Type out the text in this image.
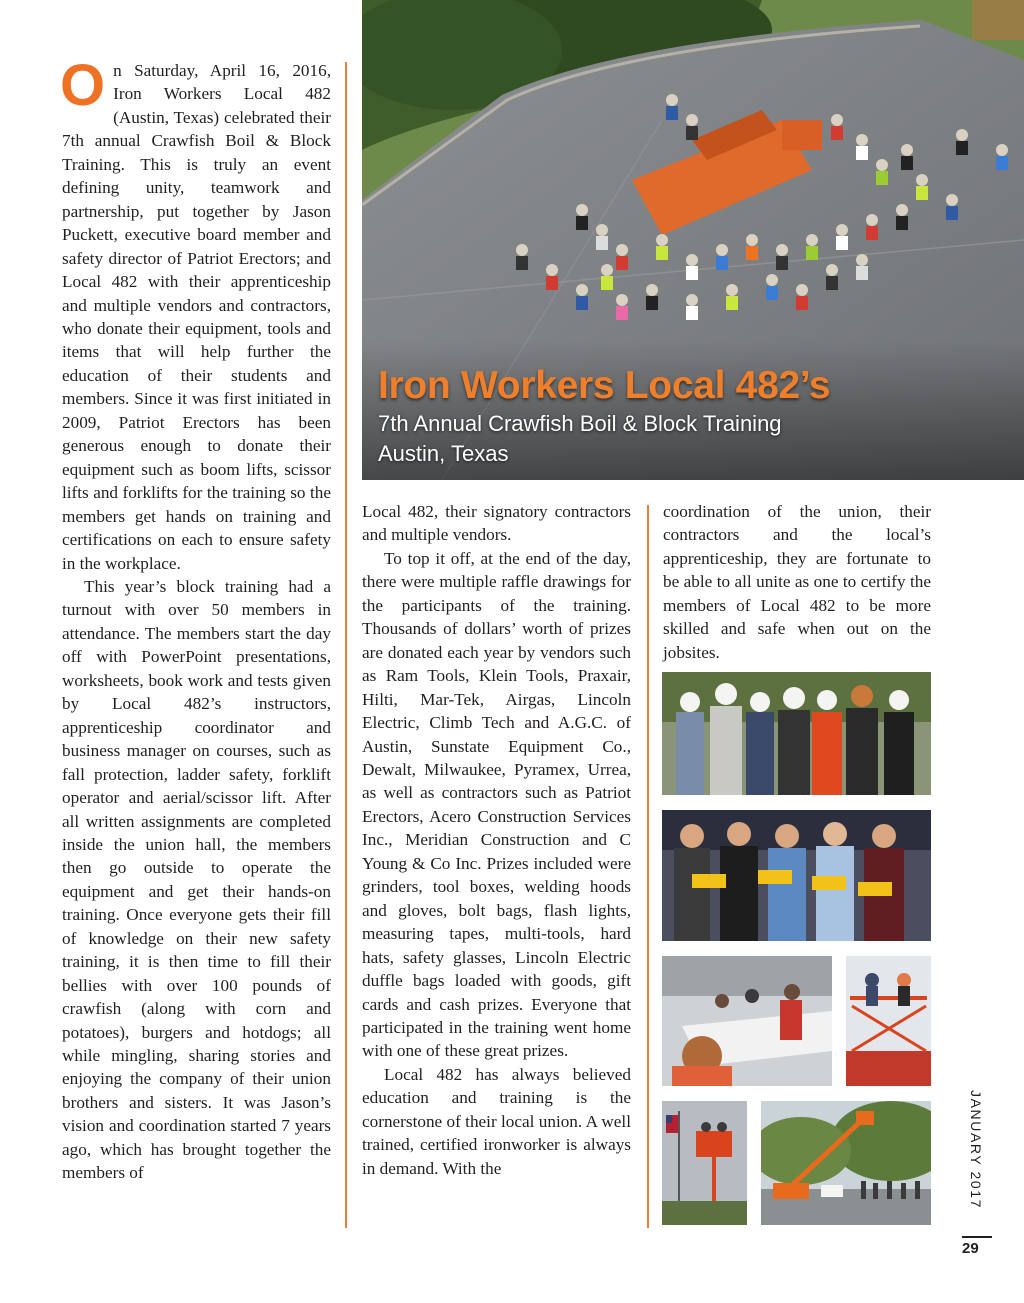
On Saturday, April 16, 2016, Iron Workers Local 482 (Austin, Texas) celebrated their 7th annual Crawfish Boil & Block Training. This is truly an event defining unity, teamwork and partnership, put together by Jason Puckett, executive board member and safety director of Patriot Erectors; and Local 482 with their apprenticeship and multiple vendors and contractors, who donate their equipment, tools and items that will help further the education of their students and members. Since it was first initiated in 2009, Patriot Erectors has been generous enough to donate their equipment such as boom lifts, scissor lifts and forklifts for the training so the members get hands on training and certifications on each to ensure safety in the workplace.

This year’s block training had a turnout with over 50 members in attendance. The members start the day off with PowerPoint presentations, worksheets, book work and tests given by Local 482’s instructors, apprenticeship coordinator and business manager on courses, such as fall protection, ladder safety, forklift operator and aerial/scissor lift. After all written assignments are completed inside the union hall, the members then go outside to operate the equipment and get their hands-on training. Once everyone gets their fill of knowledge on their new safety training, it is then time to fill their bellies with over 100 pounds of crawfish (along with corn and potatoes), burgers and hotdogs; all while mingling, sharing stories and enjoying the company of their union brothers and sisters. It was Jason’s vision and coordination started 7 years ago, which has brought together the members of

Iron Workers Local 482’s
7th Annual Crawfish Boil & Block Training
Austin, Texas

Local 482, their signatory contractors and multiple vendors.

To top it off, at the end of the day, there were multiple raffle drawings for the participants of the training. Thousands of dollars’ worth of prizes are donated each year by vendors such as Ram Tools, Klein Tools, Praxair, Hilti, Mar-Tek, Airgas, Lincoln Electric, Climb Tech and A.G.C. of Austin, Sunstate Equipment Co., Dewalt, Milwaukee, Pyramex, Urrea, as well as contractors such as Patriot Erectors, Acero Construction Services Inc., Meridian Construction and C Young & Co Inc. Prizes included were grinders, tool boxes, welding hoods and gloves, bolt bags, flash lights, measuring tapes, multi-tools, hard hats, safety glasses, Lincoln Electric duffle bags loaded with goods, gift cards and cash prizes. Everyone that participated in the training went home with one of these great prizes.

Local 482 has always believed education and training is the cornerstone of their local union. A well trained, certified ironworker is always in demand. With the

coordination of the union, their contractors and the local’s apprenticeship, they are fortunate to be able to all unite as one to certify the members of Local 482 to be more skilled and safe when out on the jobsites.

JANUARY 2017
29
